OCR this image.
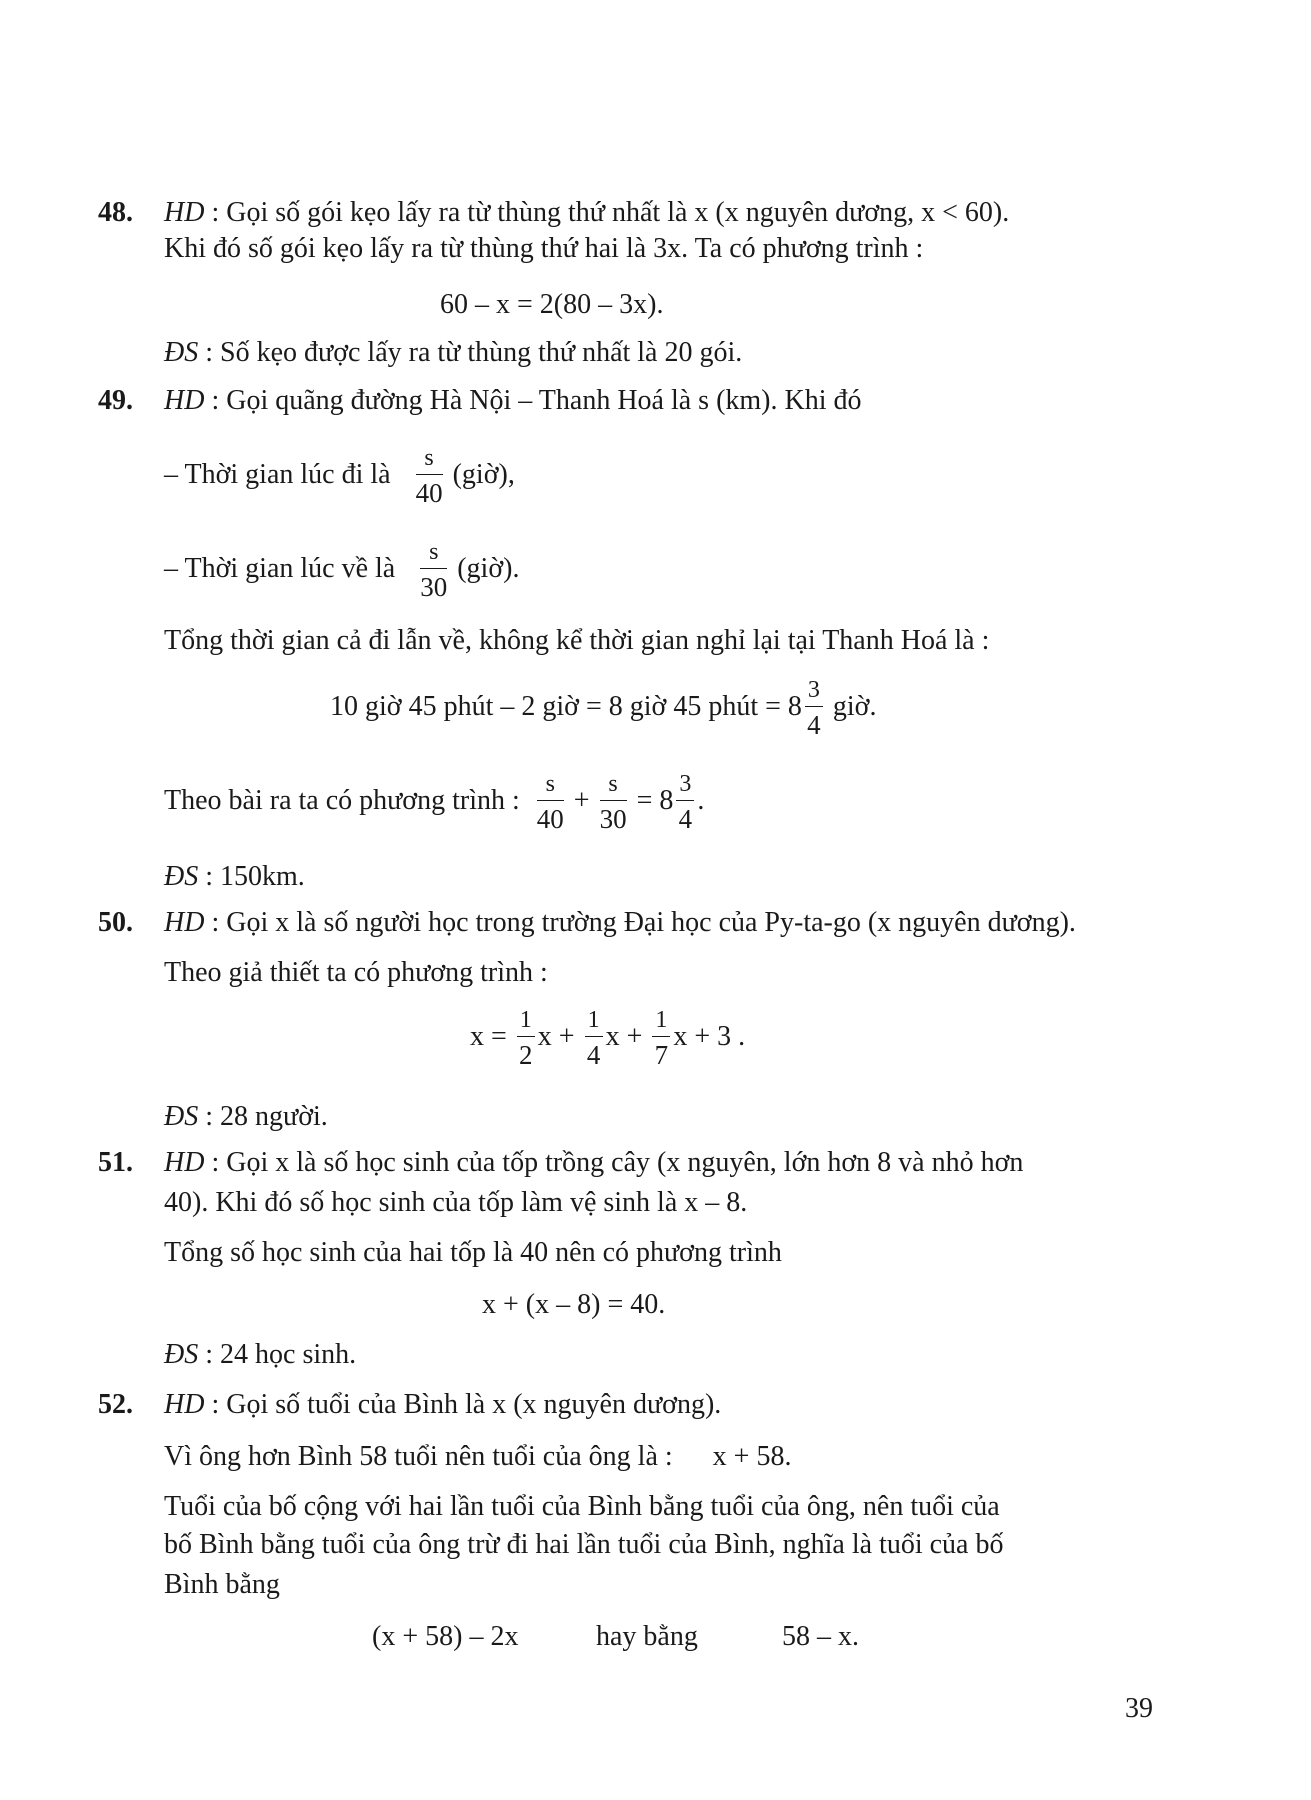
48. HD : Gọi số gói kẹo lấy ra từ thùng thứ nhất là x (x nguyên dương, x < 60).
Khi đó số gói kẹo lấy ra từ thùng thứ hai là 3x. Ta có phương trình :
60 – x = 2(80 – 3x).
ĐS : Số kẹo được lấy ra từ thùng thứ nhất là 20 gói.
49. HD : Gọi quãng đường Hà Nội – Thanh Hoá là s (km). Khi đó
– Thời gian lúc đi là $\frac{s}{40}$ (giờ),
– Thời gian lúc về là $\frac{s}{30}$ (giờ).
Tổng thời gian cả đi lẫn về, không kể thời gian nghỉ lại tại Thanh Hoá là :
10 giờ 45 phút – 2 giờ = 8 giờ 45 phút = $8 \frac{3}{4}$ giờ.
Theo bài ra ta có phương trình : $\frac{s}{40} + \frac{s}{30} = 8 \frac{3}{4}$ .
ĐS : 150km.
50. HD : Gọi x là số người học trong trường Đại học của Py-ta-go (x nguyên dương).
Theo giả thiết ta có phương trình :
$x = \frac{1}{2}$ $x + \frac{1}{4}$ $x + \frac{1}{7}$ x + 3 .
ĐS : 28 người.
51. HD : Gọi x là số học sinh của tốp trồng cây (x nguyên, lớn hơn 8 và nhỏ hơn
40). Khi đó số học sinh của tốp làm vệ sinh là x – 8.
Tổng số học sinh của hai tốp là 40 nên có phương trình
x + (x – 8) = 40.
ĐS : 24 học sinh.
52. HD : Gọi số tuổi của Bình là x (x nguyên dương).
Vì ông hơn Bình 58 tuổi nên tuổi của ông là : x + 58.
Tuổi của bố cộng với hai lần tuổi của Bình bằng tuổi của ông, nên tuổi của
bố Bình bằng tuổi của ông trừ đi hai lần tuổi của Bình, nghĩa là tuổi của bố
Bình bằng
(x + 58) – 2x	hay bằng	58 – x.
39
